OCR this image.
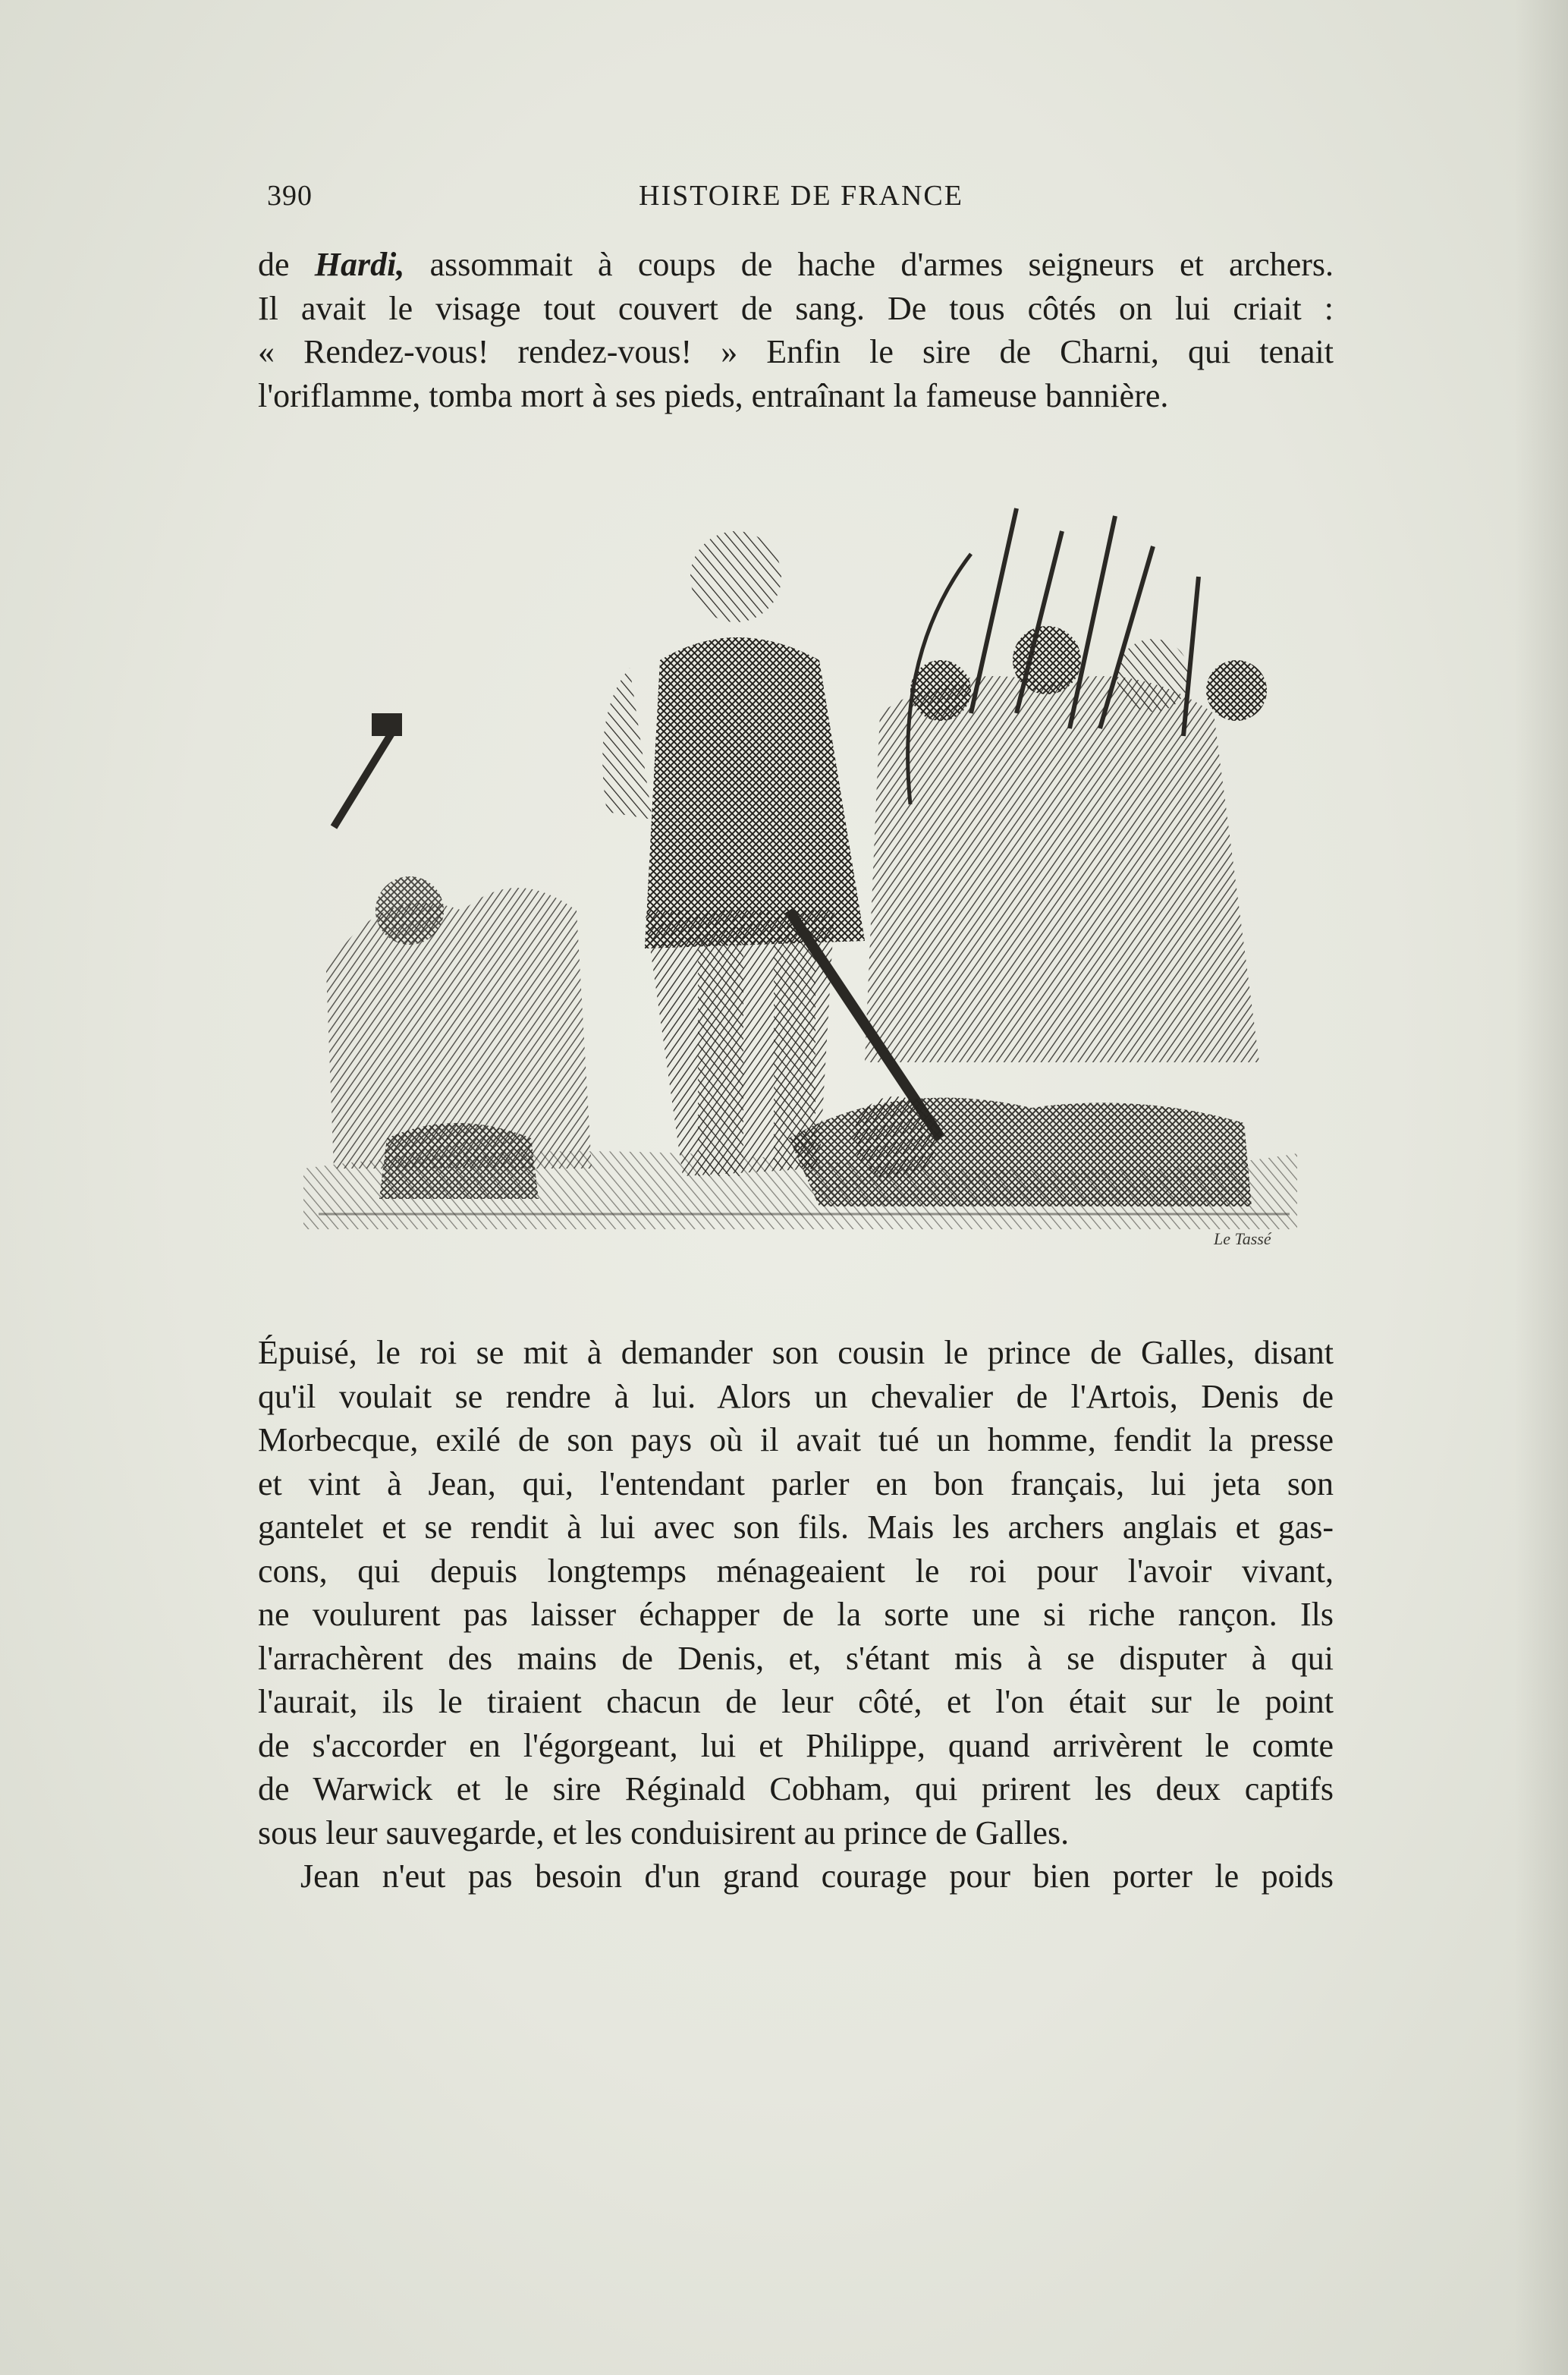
390	HISTOIRE DE FRANCE

de Hardi, assommait à coups de hache d'armes seigneurs et archers.

Il avait le visage tout couvert de sang. De tous côtés on lui criait :

« Rendez-vous! rendez-vous! » Enfin le sire de Charni, qui tenait

l'oriflamme, tomba mort à ses pieds, entraînant la fameuse bannière.

Le Tassé

Épuisé, le roi se mit à demander son cousin le prince de Galles, disant

qu'il voulait se rendre à lui. Alors un chevalier de l'Artois, Denis de

Morbecque, exilé de son pays où il avait tué un homme, fendit la presse

et vint à Jean, qui, l'entendant parler en bon français, lui jeta son

gantelet et se rendit à lui avec son fils. Mais les archers anglais et gas-

cons, qui depuis longtemps ménageaient le roi pour l'avoir vivant,

ne voulurent pas laisser échapper de la sorte une si riche rançon. Ils

l'arrachèrent des mains de Denis, et, s'étant mis à se disputer à qui

l'aurait, ils le tiraient chacun de leur côté, et l'on était sur le point

de s'accorder en l'égorgeant, lui et Philippe, quand arrivèrent le comte

de Warwick et le sire Réginald Cobham, qui prirent les deux captifs

sous leur sauvegarde, et les conduisirent au prince de Galles.

Jean n'eut pas besoin d'un grand courage pour bien porter le poids
